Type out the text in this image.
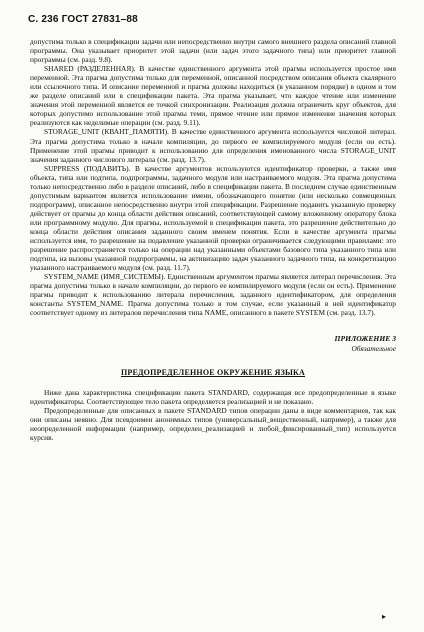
С. 236 ГОСТ 27831–88

допустима только в спецификации задачи или непосредственно внутри самого внешнего раздела описаний главной программы. Она указывает приоритет этой задачи (или задач этого задачного типа) или приоритет главной программы (см. разд. 9.8).

SHARED (РАЗДЕЛЕННАЯ). В качестве единственного аргумента этой прагмы используется простое имя переменной. Эта прагма допустима только для переменной, описанной посредством описания объекта скалярного или ссылочного типа. И описание переменной и прагма должны находиться (в указанном порядке) в одном и том же разделе описаний или в спецификации пакета. Эта прагма указывает, что каждое чтение или изменение значения этой переменной является ее точкой синхронизации. Реализация должна ограничить круг объектов, для которых допустимо использование этой прагмы теми, прямое чтение или прямое изменение значения которых реализуются как неделимые операции (см. разд. 9.11).

STORAGE_UNIT (КВАНТ_ПАМЯТИ). В качестве единственного аргумента используется числовой литерал. Эта прагма допустима только в начале компиляции, до первого ее компилируемого модуля (если он есть). Применение этой прагмы приводит к использованию для определения именованного числа STORAGE_UNIT значения заданного числового литерала (см. разд. 13.7).

SUPPRESS (ПОДАВИТЬ). В качестве аргументов используются идентификатор проверки, а также имя объекта, типа или подтипа, подпрограммы, задачного модуля или настраиваемого модуля. Эта прагма допустима только непосредственно либо в разделе описаний, либо в спецификации пакета. В последнем случае единственным допустимым вариантом является использование имени, обозначающего понятие (или несколько совмещенных подпрограмм), описанное непосредственно внутри этой спецификации. Разрешение подавить указанную проверку действует от прагмы до конца области действия описаний, соответствующей самому вложенному оператору блока или программному модулю. Для прагмы, используемой в спецификации пакета, это разрешение действительно до конца области действия описания заданного своим именем понятия. Если в качестве аргумента прагмы используется имя, то разрешение на подавление указанной проверки ограничивается следующими правилами: это разрешение распространяется только на операции над указанными объектами базового типа указанного типа или подтипа, на вызовы указанной подпрограммы, на активизацию задач указанного задачного типа, на конкретизацию указанного настраиваемого модуля (см. разд. 11.7).

SYSTEM_NAME (ИМЯ_СИСТЕМЫ). Единственным аргументом прагмы является литерал перечисления. Эта прагма допустима только в начале компиляции, до первого ее компилируемого модуля (если он есть). Применение прагмы приводит к использованию литерала перечисления, заданного идентификатором, для определения константы SYSTEM_NAME. Прагма допустима только в том случае, если указанный в ней идентификатор соответствует одному из литералов перечисления типа NAME, описанного в пакете SYSTEM (см. разд. 13.7).

ПРИЛОЖЕНИЕ 3
Обязательное
ПРЕДОПРЕДЕЛЕННОЕ ОКРУЖЕНИЕ ЯЗЫКА

Ниже дана характеристика спецификации пакета STANDARD, содержащая все предопределенные в языке идентификаторы. Соответствующее тело пакета определяется реализацией и не показано.

Предопределенные для описанных в пакете STANDARD типов операции даны в виде комментариев, так как они описаны неявно. Для псевдоимен анонимных типов (универсальный_вещественный, например), а также для неопределенной информации (например, определен_реализацией и любой_фиксированный_тип) используется курсив.

▸
